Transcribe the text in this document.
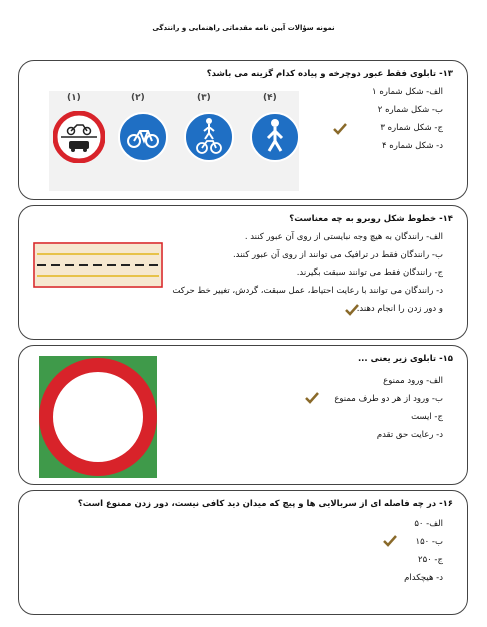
نمونه سؤالات آیین نامه مقدماتی راهنمایی و رانندگی
۱۳- تابلوی فقط عبور دوچرخه و پیاده کدام گزینه می باشد؟
الف- شکل شماره ۱
ب- شکل شماره ۲
ج- شکل شماره ۳
د- شکل شماره ۴
(۱)	(۲)	(۳)	(۴)
۱۴- خطوط شکل روبرو به چه معناست؟
الف- رانندگان به هیچ وجه نبایستی از روی آن عبور کنند .
ب- رانندگان فقط در ترافیک می توانند از روی آن عبور کنند.
ج- رانندگان فقط می توانند سبقت بگیرند.
د- رانندگان می توانند با رعایت احتیاط، عمل سبقت، گردش، تغییر خط حرکت
و دور زدن را انجام دهند.
۱۵- تابلوی زیر یعنی ...
الف- ورود ممنوع
ب- ورود از هر دو طرف ممنوع
ج- ایست
د- رعایت حق تقدم
۱۶- در چه فاصله ای از سربالایی ها و پیچ که میدان دید کافی نیست، دور زدن ممنوع است؟
الف- ۵۰
ب- ۱۵۰
ج- ۲۵۰
د- هیچکدام
